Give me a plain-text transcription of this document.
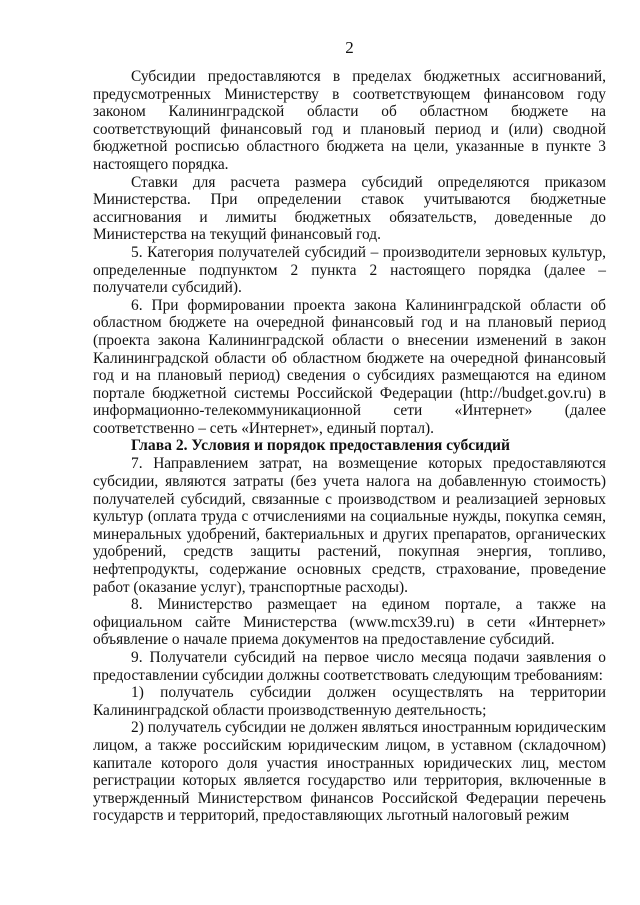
2

Субсидии предоставляются в пределах бюджетных ассигнований, предусмотренных Министерству в соответствующем финансовом году законом Калининградской области об областном бюджете на соответствующий финансовый год и плановый период и (или) сводной бюджетной росписью областного бюджета на цели, указанные в пункте 3 настоящего порядка.

Ставки для расчета размера субсидий определяются приказом Министерства. При определении ставок учитываются бюджетные ассигнования и лимиты бюджетных обязательств, доведенные до Министерства на текущий финансовый год.

5. Категория получателей субсидий – производители зерновых культур, определенные подпунктом 2 пункта 2 настоящего порядка (далее – получатели субсидий).

6. При формировании проекта закона Калининградской области об областном бюджете на очередной финансовый год и на плановый период (проекта закона Калининградской области о внесении изменений в закон Калининградской области об областном бюджете на очередной финансовый год и на плановый период) сведения о субсидиях размещаются на едином портале бюджетной системы Российской Федерации (http://budget.gov.ru) в информационно-телекоммуникационной сети «Интернет» (далее соответственно – сеть «Интернет», единый портал).

Глава 2. Условия и порядок предоставления субсидий

7. Направлением затрат, на возмещение которых предоставляются субсидии, являются затраты (без учета налога на добавленную стоимость) получателей субсидий, связанные с производством и реализацией зерновых культур (оплата труда с отчислениями на социальные нужды, покупка семян, минеральных удобрений, бактериальных и других препаратов, органических удобрений, средств защиты растений, покупная энергия, топливо, нефтепродукты, содержание основных средств, страхование, проведение работ (оказание услуг), транспортные расходы).

8. Министерство размещает на едином портале, а также на официальном сайте Министерства (www.mcx39.ru) в сети «Интернет» объявление о начале приема документов на предоставление субсидий.

9. Получатели субсидий на первое число месяца подачи заявления о предоставлении субсидии должны соответствовать следующим требованиям:

1) получатель субсидии должен осуществлять на территории Калининградской области производственную деятельность;

2) получатель субсидии не должен являться иностранным юридическим лицом, а также российским юридическим лицом, в уставном (складочном) капитале которого доля участия иностранных юридических лиц, местом регистрации которых является государство или территория, включенные в утвержденный Министерством финансов Российской Федерации перечень государств и территорий, предоставляющих льготный налоговый режим
